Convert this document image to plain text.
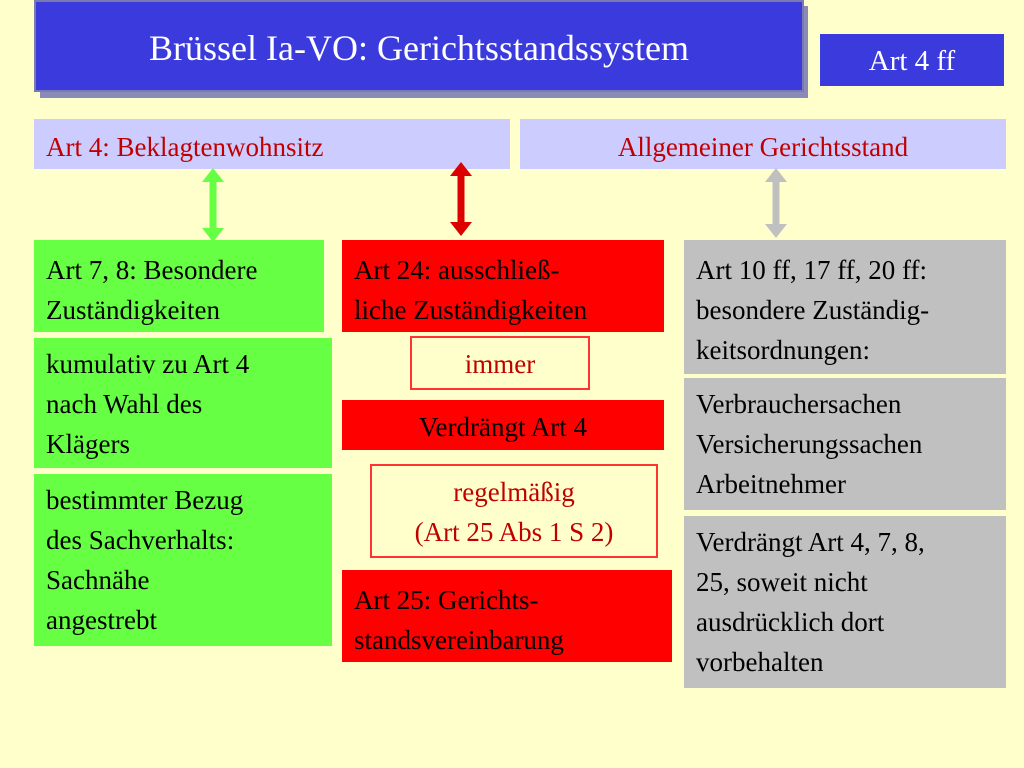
Brüssel Ia-VO: Gerichtsstandssystem	Art 4 ff
Art 4: Beklagtenwohnsitz	Allgemeiner Gerichtsstand
Art 7, 8: Besondere
Zuständigkeiten
kumulativ zu Art 4
nach Wahl des
Klägers
bestimmter Bezug
des Sachverhalts:
Sachnähe
angestrebt
Art 24: ausschließ-
liche Zuständigkeiten
immer
Verdrängt Art 4
regelmäßig
(Art 25 Abs 1 S 2)
Art 25: Gerichts-
standsvereinbarung
Art 10 ff, 17 ff, 20 ff:
besondere Zuständig-
keitsordnungen:
Verbrauchersachen
Versicherungssachen
Arbeitnehmer
Verdrängt Art 4, 7, 8,
25, soweit nicht
ausdrücklich dort
vorbehalten
